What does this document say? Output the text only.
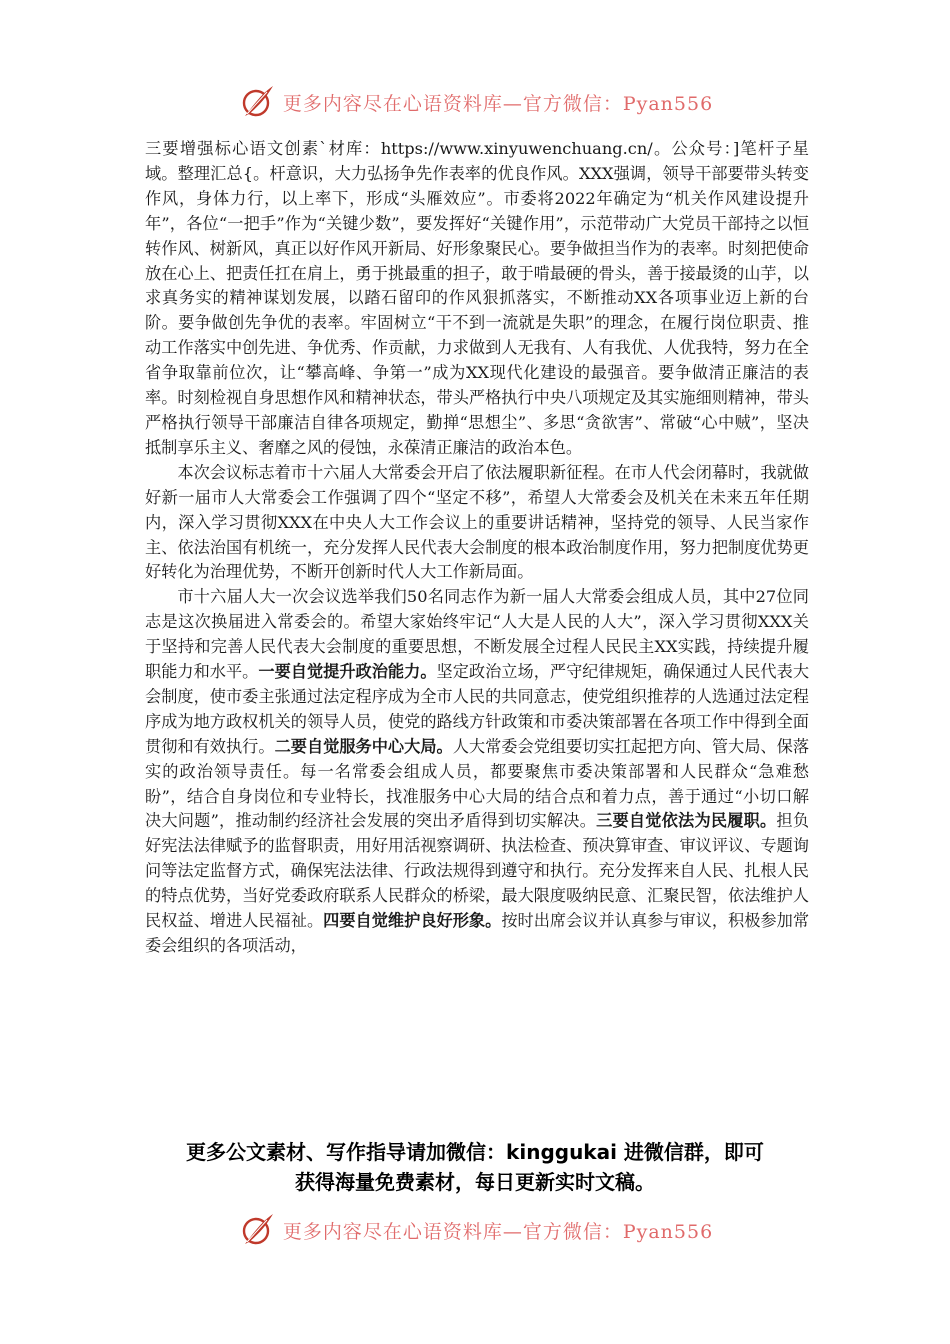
更多内容尽在心语资料库—官方微信：Pyan556

三要增强标心语文创素`材库：https://www.xinyuwenchuang.cn/。公众号：]笔杆子星域。整理汇总{。杆意识，大力弘扬争先作表率的优良作风。XXX强调，领导干部要带头转变作风，身体力行，以上率下，形成“头雁效应”。市委将2022年确定为“机关作风建设提升年”，各位“一把手”作为“关键少数”，要发挥好“关键作用”，示范带动广大党员干部持之以恒转作风、树新风，真正以好作风开新局、好形象聚民心。要争做担当作为的表率。时刻把使命放在心上、把责任扛在肩上，勇于挑最重的担子，敢于啃最硬的骨头，善于接最烫的山芋，以求真务实的精神谋划发展，以踏石留印的作风狠抓落实，不断推动XX各项事业迈上新的台阶。要争做创先争优的表率。牢固树立“干不到一流就是失职”的理念，在履行岗位职责、推动工作落实中创先进、争优秀、作贡献，力求做到人无我有、人有我优、人优我特，努力在全省争取靠前位次，让“攀高峰、争第一”成为XX现代化建设的最强音。要争做清正廉洁的表率。时刻检视自身思想作风和精神状态，带头严格执行中央八项规定及其实施细则精神，带头严格执行领导干部廉洁自律各项规定，勤掸“思想尘”、多思“贪欲害”、常破“心中贼”，坚决抵制享乐主义、奢靡之风的侵蚀，永葆清正廉洁的政治本色。

本次会议标志着市十六届人大常委会开启了依法履职新征程。在市人代会闭幕时，我就做好新一届市人大常委会工作强调了四个“坚定不移”，希望人大常委会及机关在未来五年任期内，深入学习贯彻XXX在中央人大工作会议上的重要讲话精神，坚持党的领导、人民当家作主、依法治国有机统一，充分发挥人民代表大会制度的根本政治制度作用，努力把制度优势更好转化为治理优势，不断开创新时代人大工作新局面。

市十六届人大一次会议选举我们50名同志作为新一届人大常委会组成人员，其中27位同志是这次换届进入常委会的。希望大家始终牢记“人大是人民的人大”，深入学习贯彻XXX关于坚持和完善人民代表大会制度的重要思想，不断发展全过程人民民主XX实践，持续提升履职能力和水平。一要自觉提升政治能力。坚定政治立场，严守纪律规矩，确保通过人民代表大会制度，使市委主张通过法定程序成为全市人民的共同意志，使党组织推荐的人选通过法定程序成为地方政权机关的领导人员，使党的路线方针政策和市委决策部署在各项工作中得到全面贯彻和有效执行。二要自觉服务中心大局。人大常委会党组要切实扛起把方向、管大局、保落实的政治领导责任。每一名常委会组成人员，都要聚焦市委决策部署和人民群众“急难愁盼”，结合自身岗位和专业特长，找准服务中心大局的结合点和着力点，善于通过“小切口解决大问题”，推动制约经济社会发展的突出矛盾得到切实解决。三要自觉依法为民履职。担负好宪法法律赋予的监督职责，用好用活视察调研、执法检查、预决算审查、审议评议、专题询问等法定监督方式，确保宪法法律、行政法规得到遵守和执行。充分发挥来自人民、扎根人民的特点优势，当好党委政府联系人民群众的桥梁，最大限度吸纳民意、汇聚民智，依法维护人民权益、增进人民福祉。四要自觉维护良好形象。按时出席会议并认真参与审议，积极参加常委会组织的各项活动，

更多公文素材、写作指导请加微信：kinggukai 进微信群，即可
获得海量免费素材，每日更新实时文稿。
更多内容尽在心语资料库—官方微信：Pyan556
